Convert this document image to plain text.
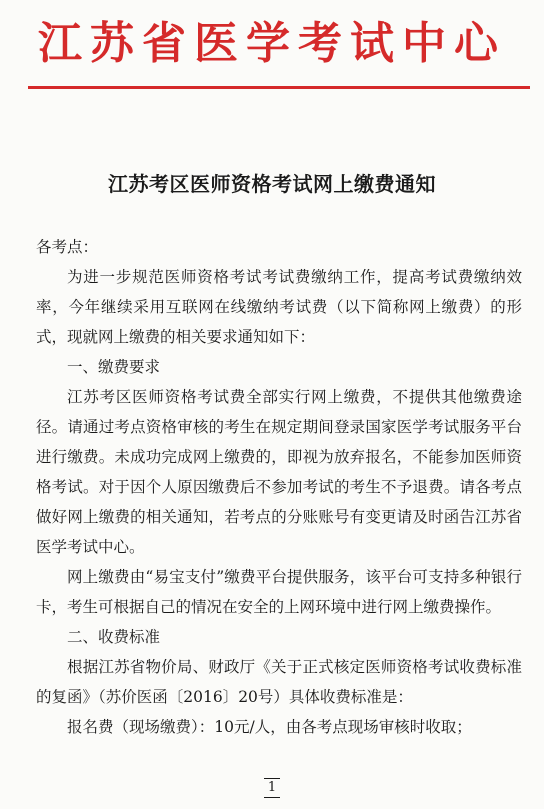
江苏省医学考试中心
江苏考区医师资格考试网上缴费通知

各考点：

为进一步规范医师资格考试考试费缴纳工作，提高考试费缴纳效率，今年继续采用互联网在线缴纳考试费（以下简称网上缴费）的形式，现就网上缴费的相关要求通知如下：

一、缴费要求

江苏考区医师资格考试费全部实行网上缴费，不提供其他缴费途径。请通过考点资格审核的考生在规定期间登录国家医学考试服务平台进行缴费。未成功完成网上缴费的，即视为放弃报名，不能参加医师资格考试。对于因个人原因缴费后不参加考试的考生不予退费。请各考点做好网上缴费的相关通知，若考点的分账账号有变更请及时函告江苏省医学考试中心。

网上缴费由“易宝支付”缴费平台提供服务，该平台可支持多种银行卡，考生可根据自己的情况在安全的上网环境中进行网上缴费操作。

二、收费标准

根据江苏省物价局、财政厅《关于正式核定医师资格考试收费标准的复函》（苏价医函〔2016〕20号）具体收费标准是：

报名费（现场缴费）：10元/人，由各考点现场审核时收取；

1
